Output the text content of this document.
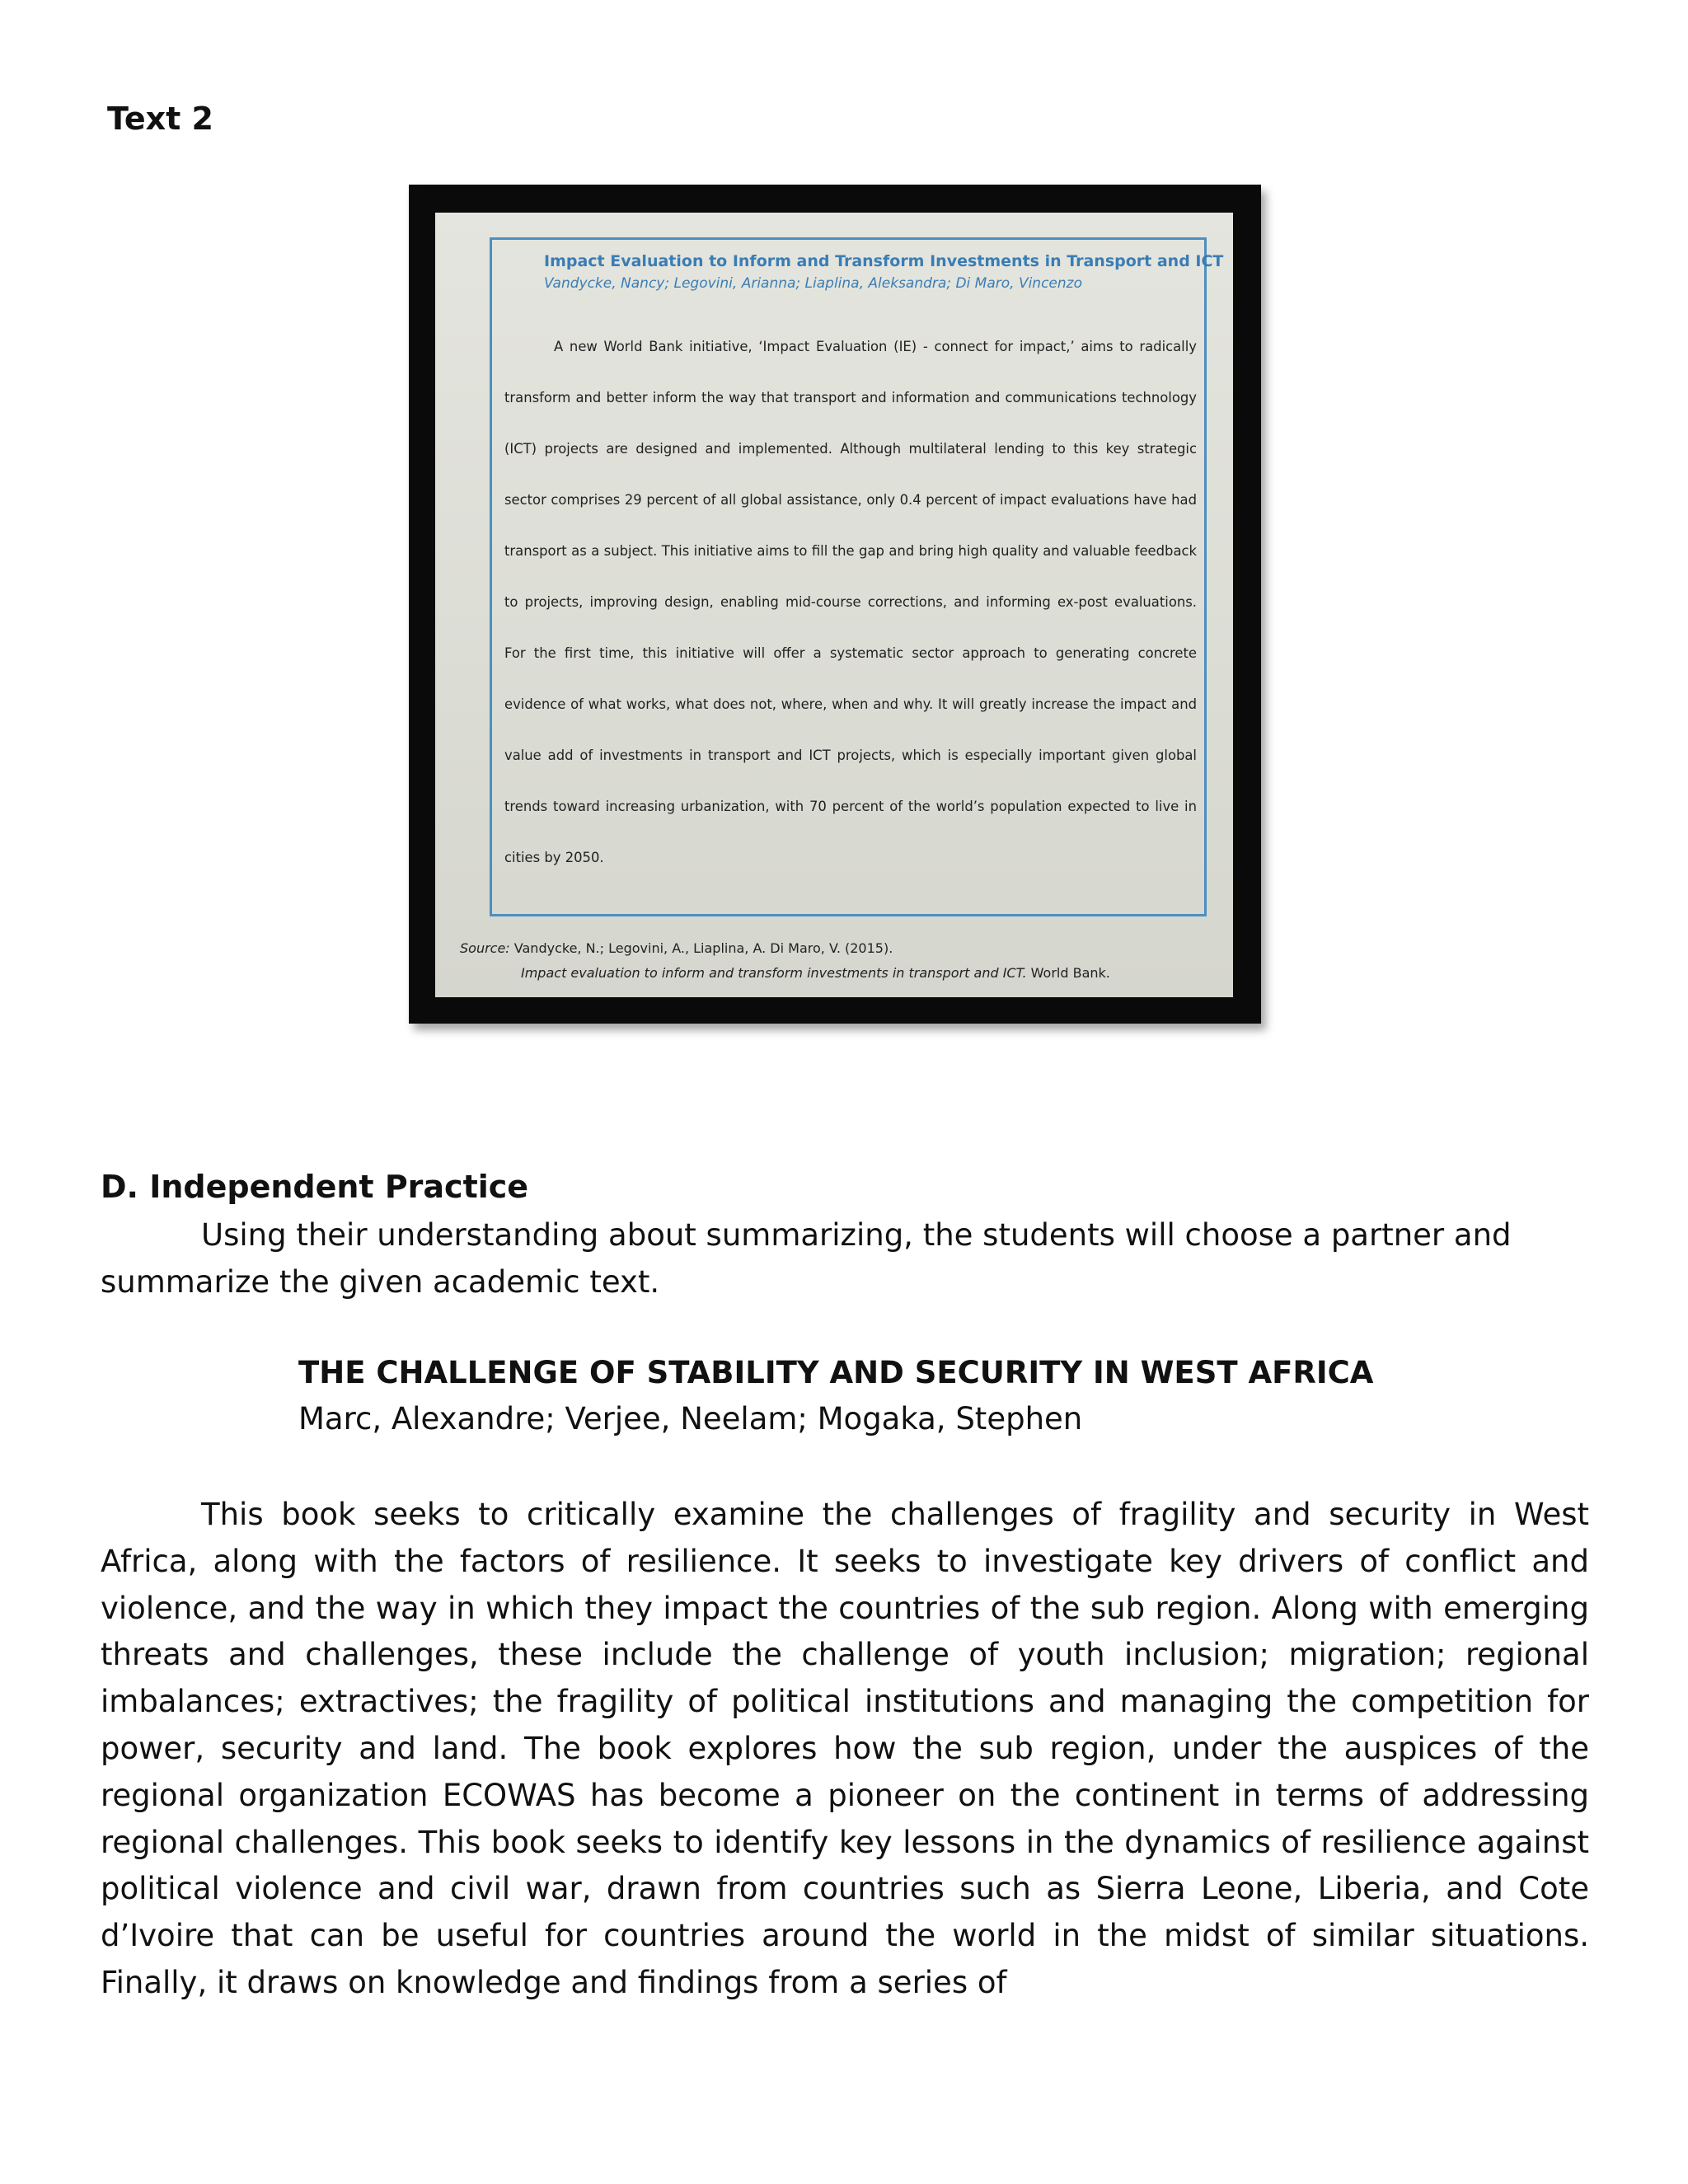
Text 2

Impact Evaluation to Inform and Transform Investments in Transport and ICT
Vandycke, Nancy; Legovini, Arianna; Liaplina, Aleksandra; Di Maro, Vincenzo

A new World Bank initiative, ‘Impact Evaluation (IE) - connect for impact,’ aims to radically transform and better inform the way that transport and information and communications technology (ICT) projects are designed and implemented. Although multilateral lending to this key strategic sector comprises 29 percent of all global assistance, only 0.4 percent of impact evaluations have had transport as a subject. This initiative aims to fill the gap and bring high quality and valuable feedback to projects, improving design, enabling mid-course corrections, and informing ex-post evaluations. For the first time, this initiative will offer a systematic sector approach to generating concrete evidence of what works, what does not, where, when and why. It will greatly increase the impact and value add of investments in transport and ICT projects, which is especially important given global trends toward increasing urbanization, with 70 percent of the world’s population expected to live in cities by 2050.

Source: Vandycke, N.; Legovini, A., Liaplina, A. Di Maro, V. (2015).
Impact evaluation to inform and transform investments in transport and ICT. World Bank.

D. Independent Practice

Using their understanding about summarizing, the students will choose a partner and summarize the given academic text.

THE CHALLENGE OF STABILITY AND SECURITY IN WEST AFRICA

Marc, Alexandre; Verjee, Neelam; Mogaka, Stephen

This book seeks to critically examine the challenges of fragility and security in West Africa, along with the factors of resilience. It seeks to investigate key drivers of conflict and violence, and the way in which they impact the countries of the sub region. Along with emerging threats and challenges, these include the challenge of youth inclusion; migration; regional imbalances; extractives; the fragility of political institutions and managing the competition for power, security and land. The book explores how the sub region, under the auspices of the regional organization ECOWAS has become a pioneer on the continent in terms of addressing regional challenges. This book seeks to identify key lessons in the dynamics of resilience against political violence and civil war, drawn from countries such as Sierra Leone, Liberia, and Cote d’Ivoire that can be useful for countries around the world in the midst of similar situations. Finally, it draws on knowledge and findings from a series of
